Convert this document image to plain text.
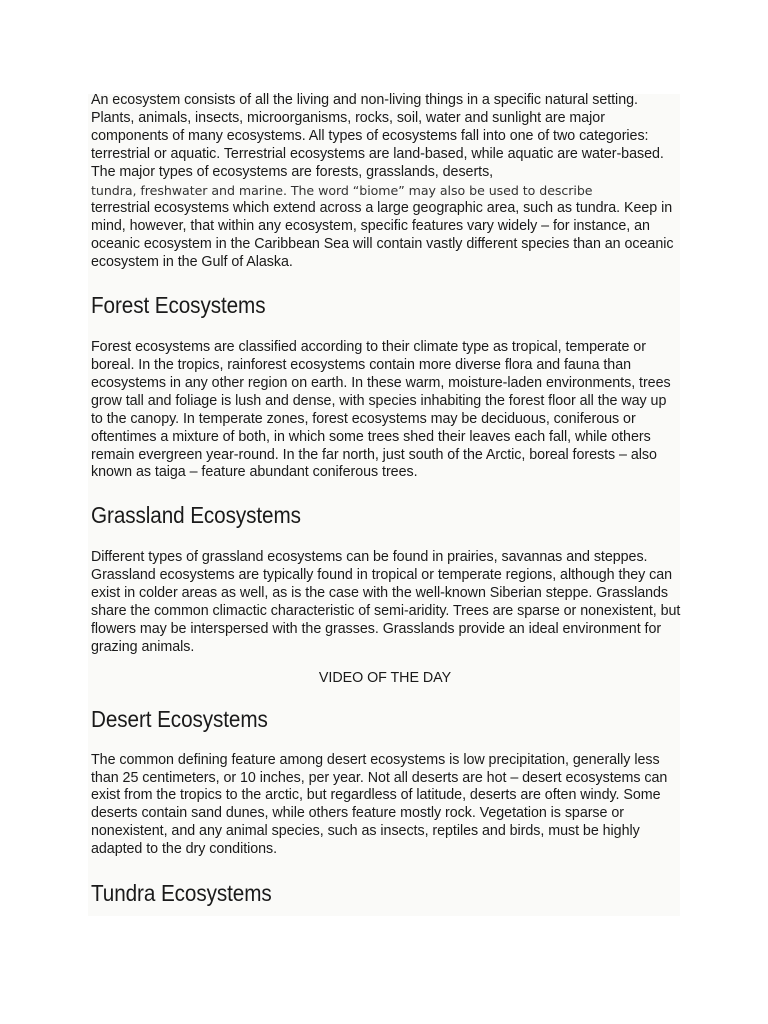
An ecosystem consists of all the living and non-living things in a specific natural setting. Plants, animals, insects, microorganisms, rocks, soil, water and sunlight are major components of many ecosystems. All types of ecosystems fall into one of two categories: terrestrial or aquatic. Terrestrial ecosystems are land-based, while aquatic are water-based. The major types of ecosystems are forests, grasslands, deserts,
tundra, freshwater and marine. The word “biome” may also be used to describe
terrestrial ecosystems which extend across a large geographic area, such as tundra. Keep in mind, however, that within any ecosystem, specific features vary widely – for instance, an oceanic ecosystem in the Caribbean Sea will contain vastly different species than an oceanic ecosystem in the Gulf of Alaska.

Forest Ecosystems

Forest ecosystems are classified according to their climate type as tropical, temperate or boreal. In the tropics, rainforest ecosystems contain more diverse flora and fauna than ecosystems in any other region on earth. In these warm, moisture-laden environments, trees grow tall and foliage is lush and dense, with species inhabiting the forest floor all the way up to the canopy. In temperate zones, forest ecosystems may be deciduous, coniferous or oftentimes a mixture of both, in which some trees shed their leaves each fall, while others remain evergreen year-round. In the far north, just south of the Arctic, boreal forests – also known as taiga – feature abundant coniferous trees.

Grassland Ecosystems

Different types of grassland ecosystems can be found in prairies, savannas and steppes. Grassland ecosystems are typically found in tropical or temperate regions, although they can exist in colder areas as well, as is the case with the well-known Siberian steppe. Grasslands share the common climactic characteristic of semi-aridity. Trees are sparse or nonexistent, but flowers may be interspersed with the grasses. Grasslands provide an ideal environment for grazing animals.

VIDEO OF THE DAY

Desert Ecosystems

The common defining feature among desert ecosystems is low precipitation, generally less than 25 centimeters, or 10 inches, per year. Not all deserts are hot – desert ecosystems can exist from the tropics to the arctic, but regardless of latitude, deserts are often windy. Some deserts contain sand dunes, while others feature mostly rock. Vegetation is sparse or nonexistent, and any animal species, such as insects, reptiles and birds, must be highly adapted to the dry conditions.

Tundra Ecosystems
